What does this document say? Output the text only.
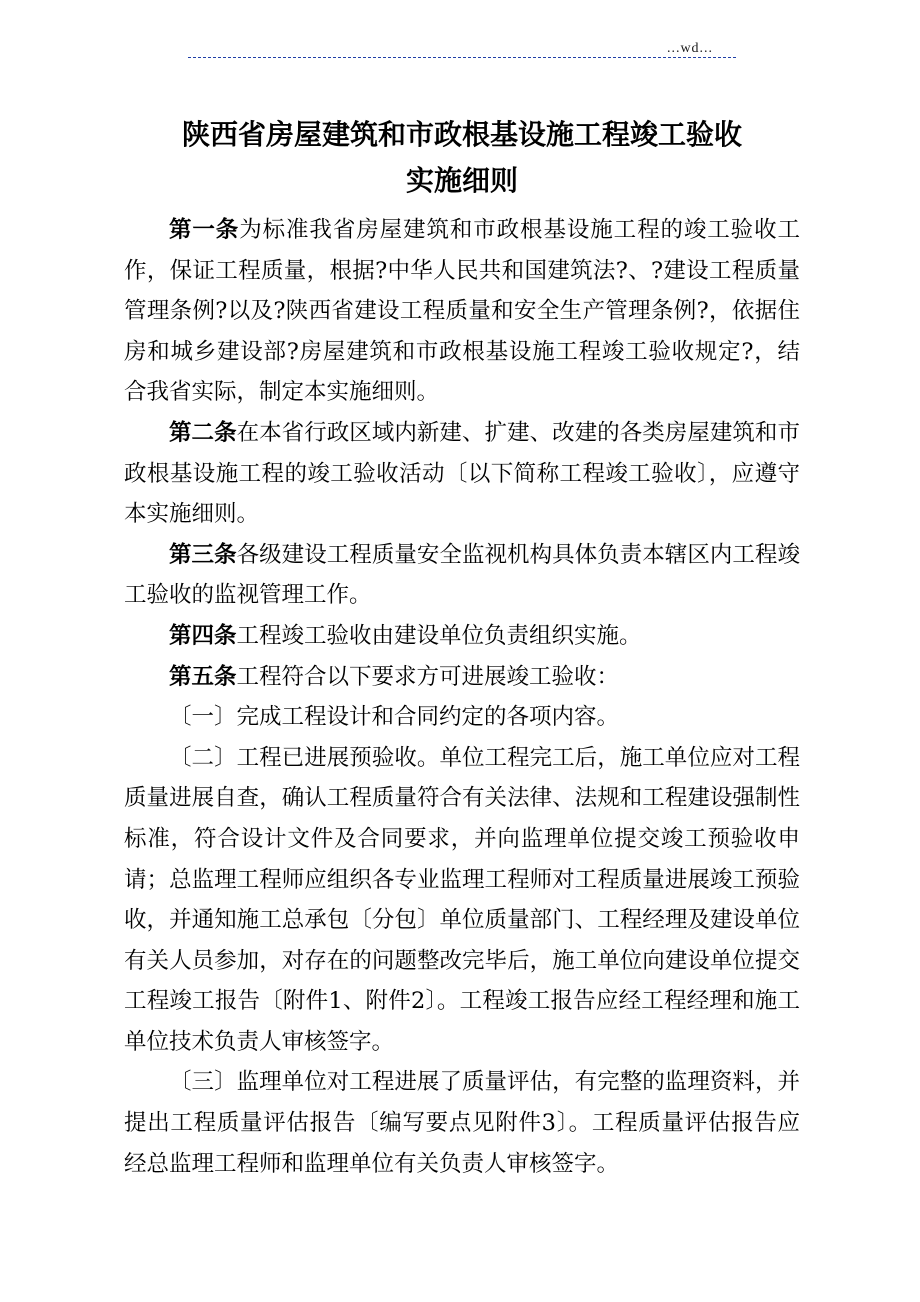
...wd...
陕西省房屋建筑和市政根基设施工程竣工验收
实施细则

第一条为标准我省房屋建筑和市政根基设施工程的竣工验收工作，保证工程质量，根据?中华人民共和国建筑法?、?建设工程质量管理条例?以及?陕西省建设工程质量和安全生产管理条例?，依据住房和城乡建设部?房屋建筑和市政根基设施工程竣工验收规定?，结合我省实际，制定本实施细则。

第二条在本省行政区域内新建、扩建、改建的各类房屋建筑和市政根基设施工程的竣工验收活动〔以下简称工程竣工验收〕，应遵守本实施细则。

第三条各级建设工程质量安全监视机构具体负责本辖区内工程竣工验收的监视管理工作。

第四条工程竣工验收由建设单位负责组织实施。

第五条工程符合以下要求方可进展竣工验收：

〔一〕完成工程设计和合同约定的各项内容。

〔二〕工程已进展预验收。单位工程完工后，施工单位应对工程质量进展自查，确认工程质量符合有关法律、法规和工程建设强制性标准，符合设计文件及合同要求，并向监理单位提交竣工预验收申请；总监理工程师应组织各专业监理工程师对工程质量进展竣工预验收，并通知施工总承包〔分包〕单位质量部门、工程经理及建设单位有关人员参加，对存在的问题整改完毕后，施工单位向建设单位提交工程竣工报告〔附件1、附件2〕。工程竣工报告应经工程经理和施工单位技术负责人审核签字。

〔三〕监理单位对工程进展了质量评估，有完整的监理资料，并提出工程质量评估报告〔编写要点见附件3〕。工程质量评估报告应经总监理工程师和监理单位有关负责人审核签字。
